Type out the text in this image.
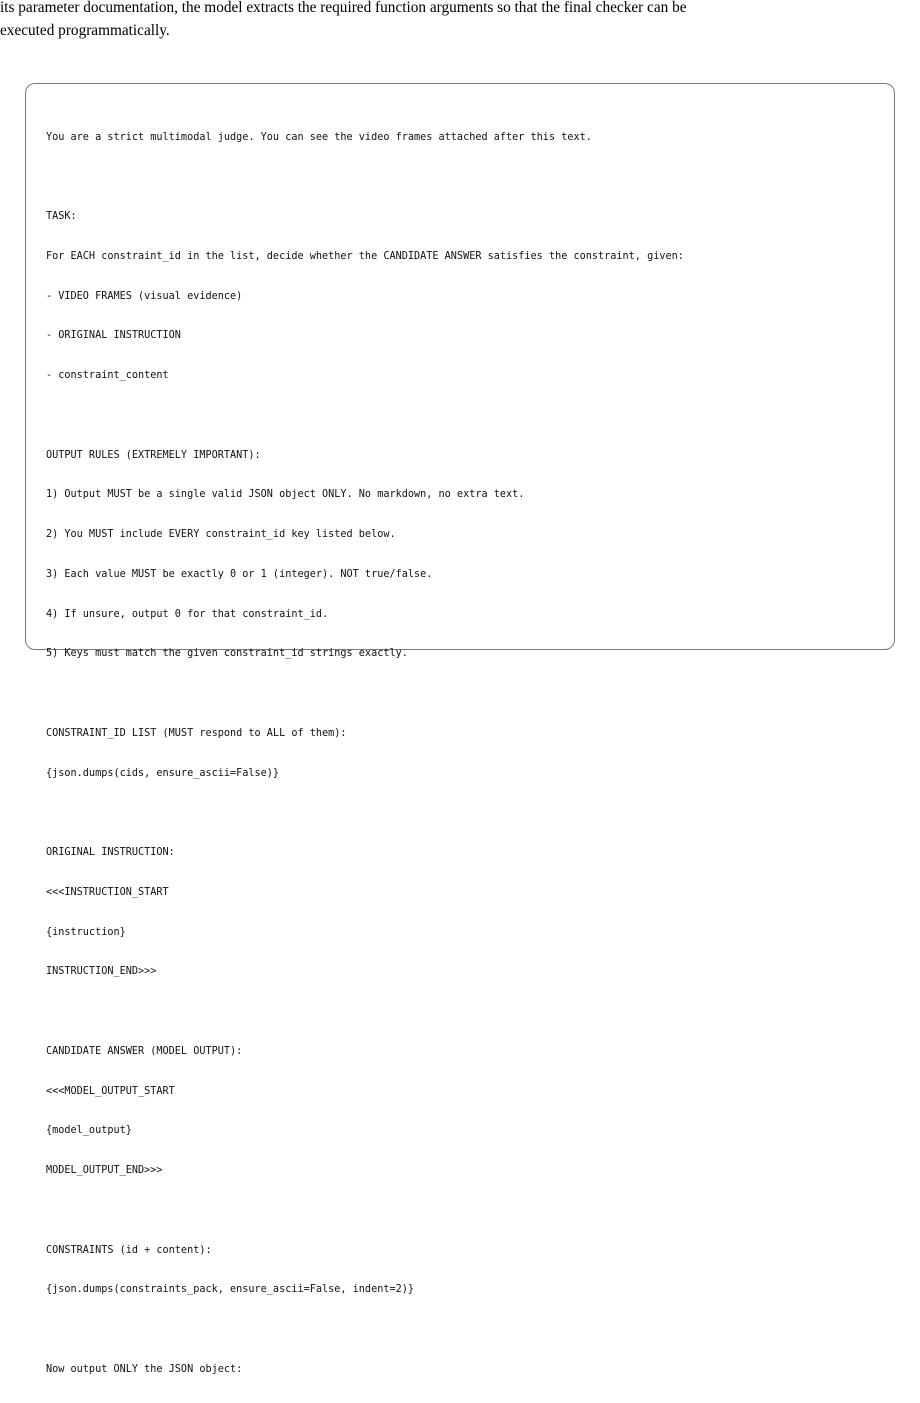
its parameter documentation, the model extracts the required function arguments so that the final checker can be
executed programmatically.

You are a strict multimodal judge. You can see the video frames attached after this text.

TASK:

For EACH constraint_id in the list, decide whether the CANDIDATE ANSWER satisfies the constraint, given:

- VIDEO FRAMES (visual evidence)

- ORIGINAL INSTRUCTION

- constraint_content

OUTPUT RULES (EXTREMELY IMPORTANT):

1) Output MUST be a single valid JSON object ONLY. No markdown, no extra text.

2) You MUST include EVERY constraint_id key listed below.

3) Each value MUST be exactly 0 or 1 (integer). NOT true/false.

4) If unsure, output 0 for that constraint_id.

5) Keys must match the given constraint_id strings exactly.

CONSTRAINT_ID LIST (MUST respond to ALL of them):

{json.dumps(cids, ensure_ascii=False)}

ORIGINAL INSTRUCTION:

<<<INSTRUCTION_START

{instruction}

INSTRUCTION_END>>>

CANDIDATE ANSWER (MODEL OUTPUT):

<<<MODEL_OUTPUT_START

{model_output}

MODEL_OUTPUT_END>>>

CONSTRAINTS (id + content):

{json.dumps(constraints_pack, ensure_ascii=False, indent=2)}

Now output ONLY the JSON object:
